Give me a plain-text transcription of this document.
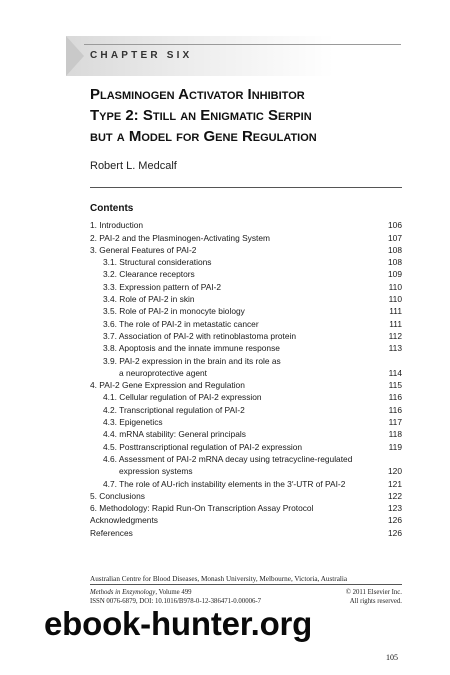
CHAPTER SIX
Plasminogen Activator Inhibitor
Type 2: Still an Enigmatic Serpin
but a Model for Gene Regulation
Robert L. Medcalf
Contents
1. Introduction	106
2. PAI-2 and the Plasminogen-Activating System	107
3. General Features of PAI-2	108
3.1. Structural considerations	108
3.2. Clearance receptors	109
3.3. Expression pattern of PAI-2	110
3.4. Role of PAI-2 in skin	110
3.5. Role of PAI-2 in monocyte biology	111
3.6. The role of PAI-2 in metastatic cancer	111
3.7. Association of PAI-2 with retinoblastoma protein	112
3.8. Apoptosis and the innate immune response	113
3.9. PAI-2 expression in the brain and its role as
a neuroprotective agent	114
4. PAI-2 Gene Expression and Regulation	115
4.1. Cellular regulation of PAI-2 expression	116
4.2. Transcriptional regulation of PAI-2	116
4.3. Epigenetics	117
4.4. mRNA stability: General principals	118
4.5. Posttranscriptional regulation of PAI-2 expression	119
4.6. Assessment of PAI-2 mRNA decay using tetracycline-regulated
expression systems	120
4.7. The role of AU-rich instability elements in the 3′-UTR of PAI-2	121
5. Conclusions	122
6. Methodology: Rapid Run-On Transcription Assay Protocol	123
Acknowledgments	126
References	126
Australian Centre for Blood Diseases, Monash University, Melbourne, Victoria, Australia
Methods in Enzymology, Volume 499	© 2011 Elsevier Inc.
ISSN 0076-6879, DOI: 10.1016/B978-0-12-386471-0.00006-7	All rights reserved.
105
ebook-hunter.org
